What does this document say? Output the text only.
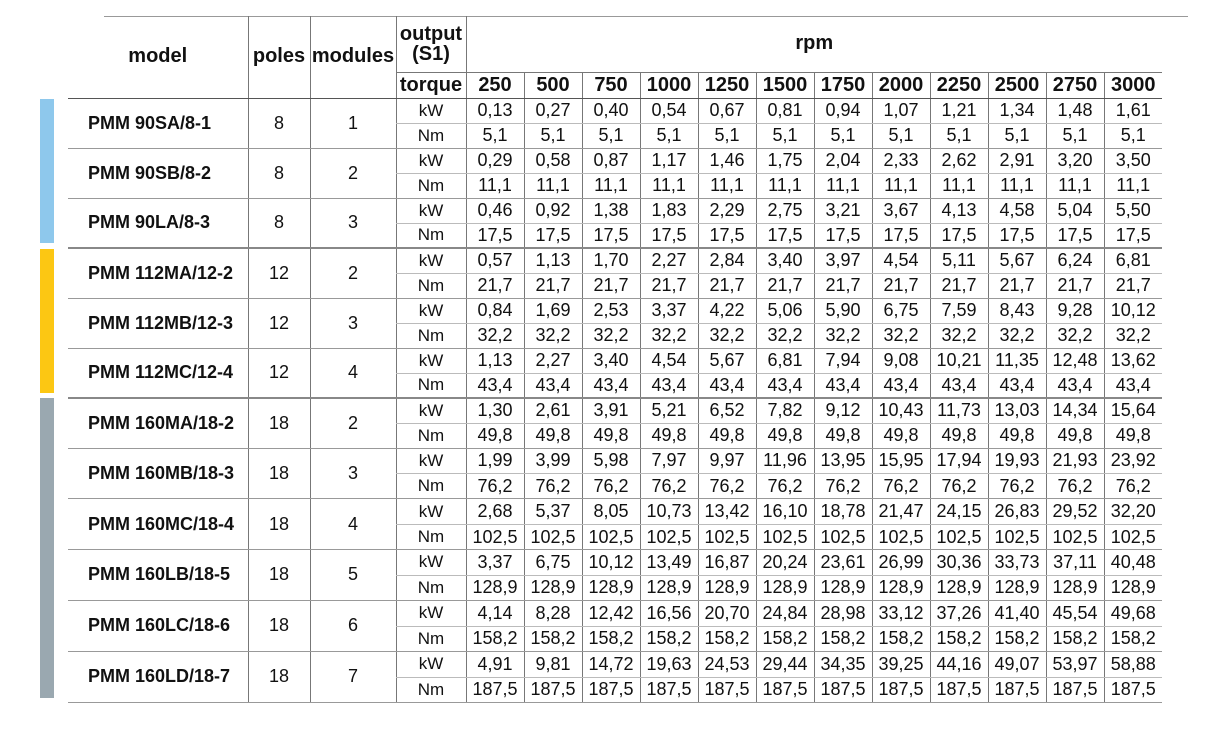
		model	poles	modules	output
(S1)	rpm											
					torque	250	500	750	1000	1250	1500	1750	2000	2250	2500	2750	3000

		PMM 90SA/8-1	8	1	kW	0,13	0,27	0,40	0,54	0,67	0,81	0,94	1,07	1,21	1,34	1,48	1,61
					Nm	5,1	5,1	5,1	5,1	5,1	5,1	5,1	5,1	5,1	5,1	5,1	5,1
		PMM 90SB/8-2	8	2	kW	0,29	0,58	0,87	1,17	1,46	1,75	2,04	2,33	2,62	2,91	3,20	3,50
					Nm	11,1	11,1	11,1	11,1	11,1	11,1	11,1	11,1	11,1	11,1	11,1	11,1
		PMM 90LA/8-3	8	3	kW	0,46	0,92	1,38	1,83	2,29	2,75	3,21	3,67	4,13	4,58	5,04	5,50
					Nm	17,5	17,5	17,5	17,5	17,5	17,5	17,5	17,5	17,5	17,5	17,5	17,5

		PMM 112MA/12-2	12	2	kW	0,57	1,13	1,70	2,27	2,84	3,40	3,97	4,54	5,11	5,67	6,24	6,81
					Nm	21,7	21,7	21,7	21,7	21,7	21,7	21,7	21,7	21,7	21,7	21,7	21,7
		PMM 112MB/12-3	12	3	kW	0,84	1,69	2,53	3,37	4,22	5,06	5,90	6,75	7,59	8,43	9,28	10,12
					Nm	32,2	32,2	32,2	32,2	32,2	32,2	32,2	32,2	32,2	32,2	32,2	32,2
		PMM 112MC/12-4	12	4	kW	1,13	2,27	3,40	4,54	5,67	6,81	7,94	9,08	10,21	11,35	12,48	13,62
					Nm	43,4	43,4	43,4	43,4	43,4	43,4	43,4	43,4	43,4	43,4	43,4	43,4

		PMM 160MA/18-2	18	2	kW	1,30	2,61	3,91	5,21	6,52	7,82	9,12	10,43	11,73	13,03	14,34	15,64
					Nm	49,8	49,8	49,8	49,8	49,8	49,8	49,8	49,8	49,8	49,8	49,8	49,8
		PMM 160MB/18-3	18	3	kW	1,99	3,99	5,98	7,97	9,97	11,96	13,95	15,95	17,94	19,93	21,93	23,92
					Nm	76,2	76,2	76,2	76,2	76,2	76,2	76,2	76,2	76,2	76,2	76,2	76,2
		PMM 160MC/18-4	18	4	kW	2,68	5,37	8,05	10,73	13,42	16,10	18,78	21,47	24,15	26,83	29,52	32,20
					Nm	102,5	102,5	102,5	102,5	102,5	102,5	102,5	102,5	102,5	102,5	102,5	102,5
		PMM 160LB/18-5	18	5	kW	3,37	6,75	10,12	13,49	16,87	20,24	23,61	26,99	30,36	33,73	37,11	40,48
					Nm	128,9	128,9	128,9	128,9	128,9	128,9	128,9	128,9	128,9	128,9	128,9	128,9
		PMM 160LC/18-6	18	6	kW	4,14	8,28	12,42	16,56	20,70	24,84	28,98	33,12	37,26	41,40	45,54	49,68
					Nm	158,2	158,2	158,2	158,2	158,2	158,2	158,2	158,2	158,2	158,2	158,2	158,2
		PMM 160LD/18-7	18	7	kW	4,91	9,81	14,72	19,63	24,53	29,44	34,35	39,25	44,16	49,07	53,97	58,88
					Nm	187,5	187,5	187,5	187,5	187,5	187,5	187,5	187,5	187,5	187,5	187,5	187,5
